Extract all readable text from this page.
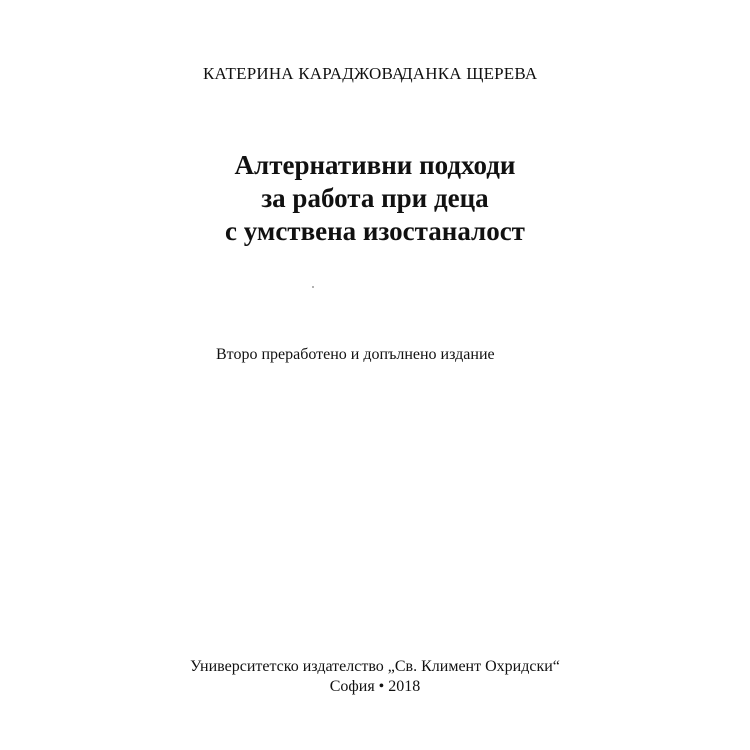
КАТЕРИНА КАРАДЖОВА
ДАНКА ЩЕРЕВА
Алтернативни подходи
за работа при деца
с умствена изостаналост
Второ преработено и допълнено издание
Университетско издателство „Св. Климент Охридски“
София • 2018
